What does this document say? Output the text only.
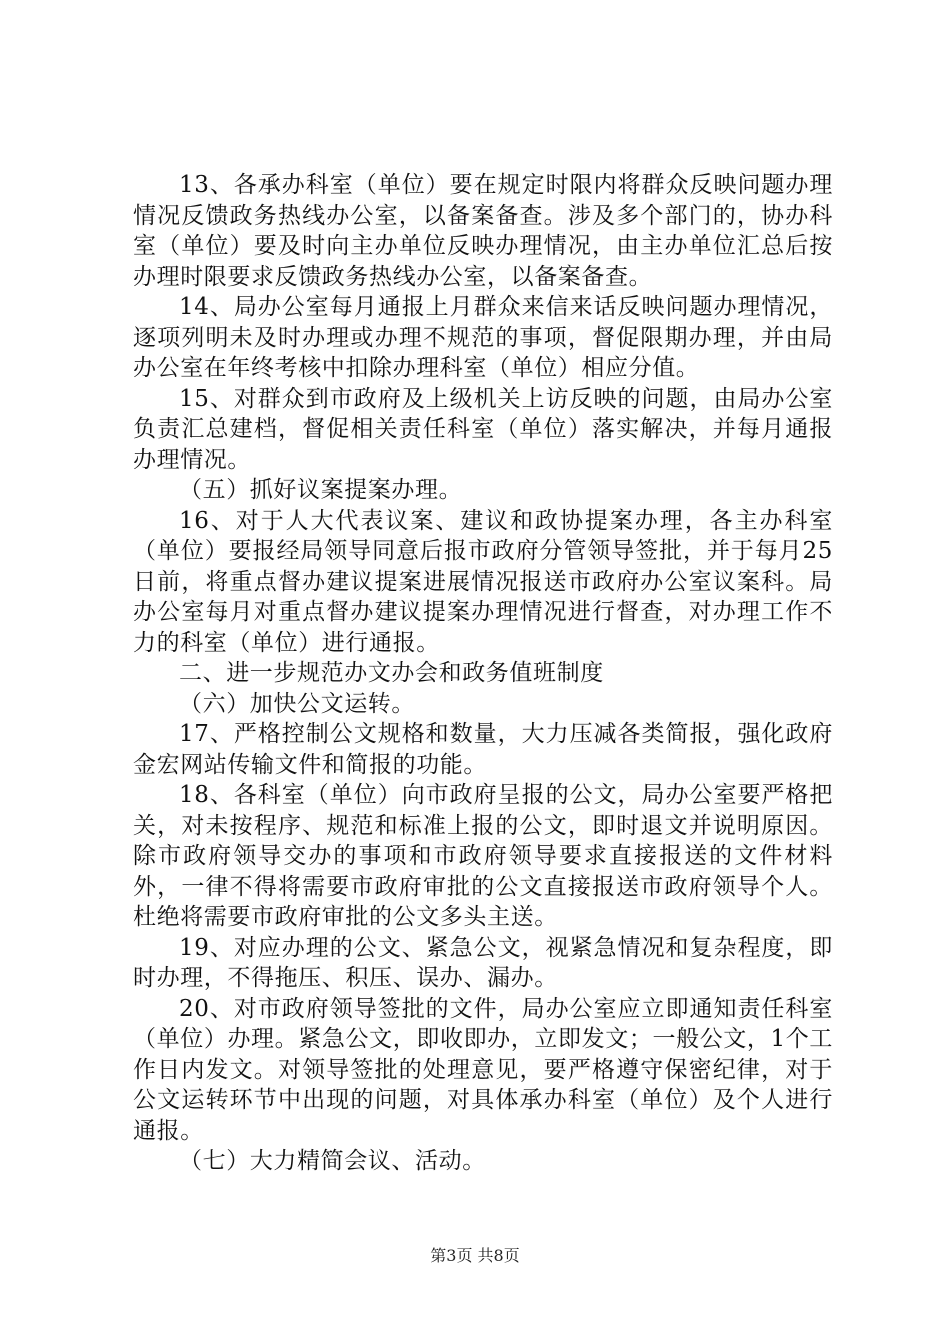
13、各承办科室（单位）要在规定时限内将群众反映问题办理情况反馈政务热线办公室，以备案备查。涉及多个部门的，协办科室（单位）要及时向主办单位反映办理情况，由主办单位汇总后按办理时限要求反馈政务热线办公室，以备案备查。

14、局办公室每月通报上月群众来信来话反映问题办理情况，逐项列明未及时办理或办理不规范的事项，督促限期办理，并由局办公室在年终考核中扣除办理科室（单位）相应分值。

15、对群众到市政府及上级机关上访反映的问题，由局办公室负责汇总建档，督促相关责任科室（单位）落实解决，并每月通报办理情况。

（五）抓好议案提案办理。

16、对于人大代表议案、建议和政协提案办理，各主办科室（单位）要报经局领导同意后报市政府分管领导签批，并于每月25日前，将重点督办建议提案进展情况报送市政府办公室议案科。局办公室每月对重点督办建议提案办理情况进行督查，对办理工作不力的科室（单位）进行通报。

二、进一步规范办文办会和政务值班制度

（六）加快公文运转。

17、严格控制公文规格和数量，大力压减各类简报，强化政府金宏网站传输文件和简报的功能。

18、各科室（单位）向市政府呈报的公文，局办公室要严格把关，对未按程序、规范和标准上报的公文，即时退文并说明原因。除市政府领导交办的事项和市政府领导要求直接报送的文件材料外，一律不得将需要市政府审批的公文直接报送市政府领导个人。杜绝将需要市政府审批的公文多头主送。

19、对应办理的公文、紧急公文，视紧急情况和复杂程度，即时办理，不得拖压、积压、误办、漏办。

20、对市政府领导签批的文件，局办公室应立即通知责任科室（单位）办理。紧急公文，即收即办，立即发文；一般公文，1个工作日内发文。对领导签批的处理意见，要严格遵守保密纪律，对于公文运转环节中出现的问题，对具体承办科室（单位）及个人进行通报。

（七）大力精简会议、活动。

第3页 共8页
